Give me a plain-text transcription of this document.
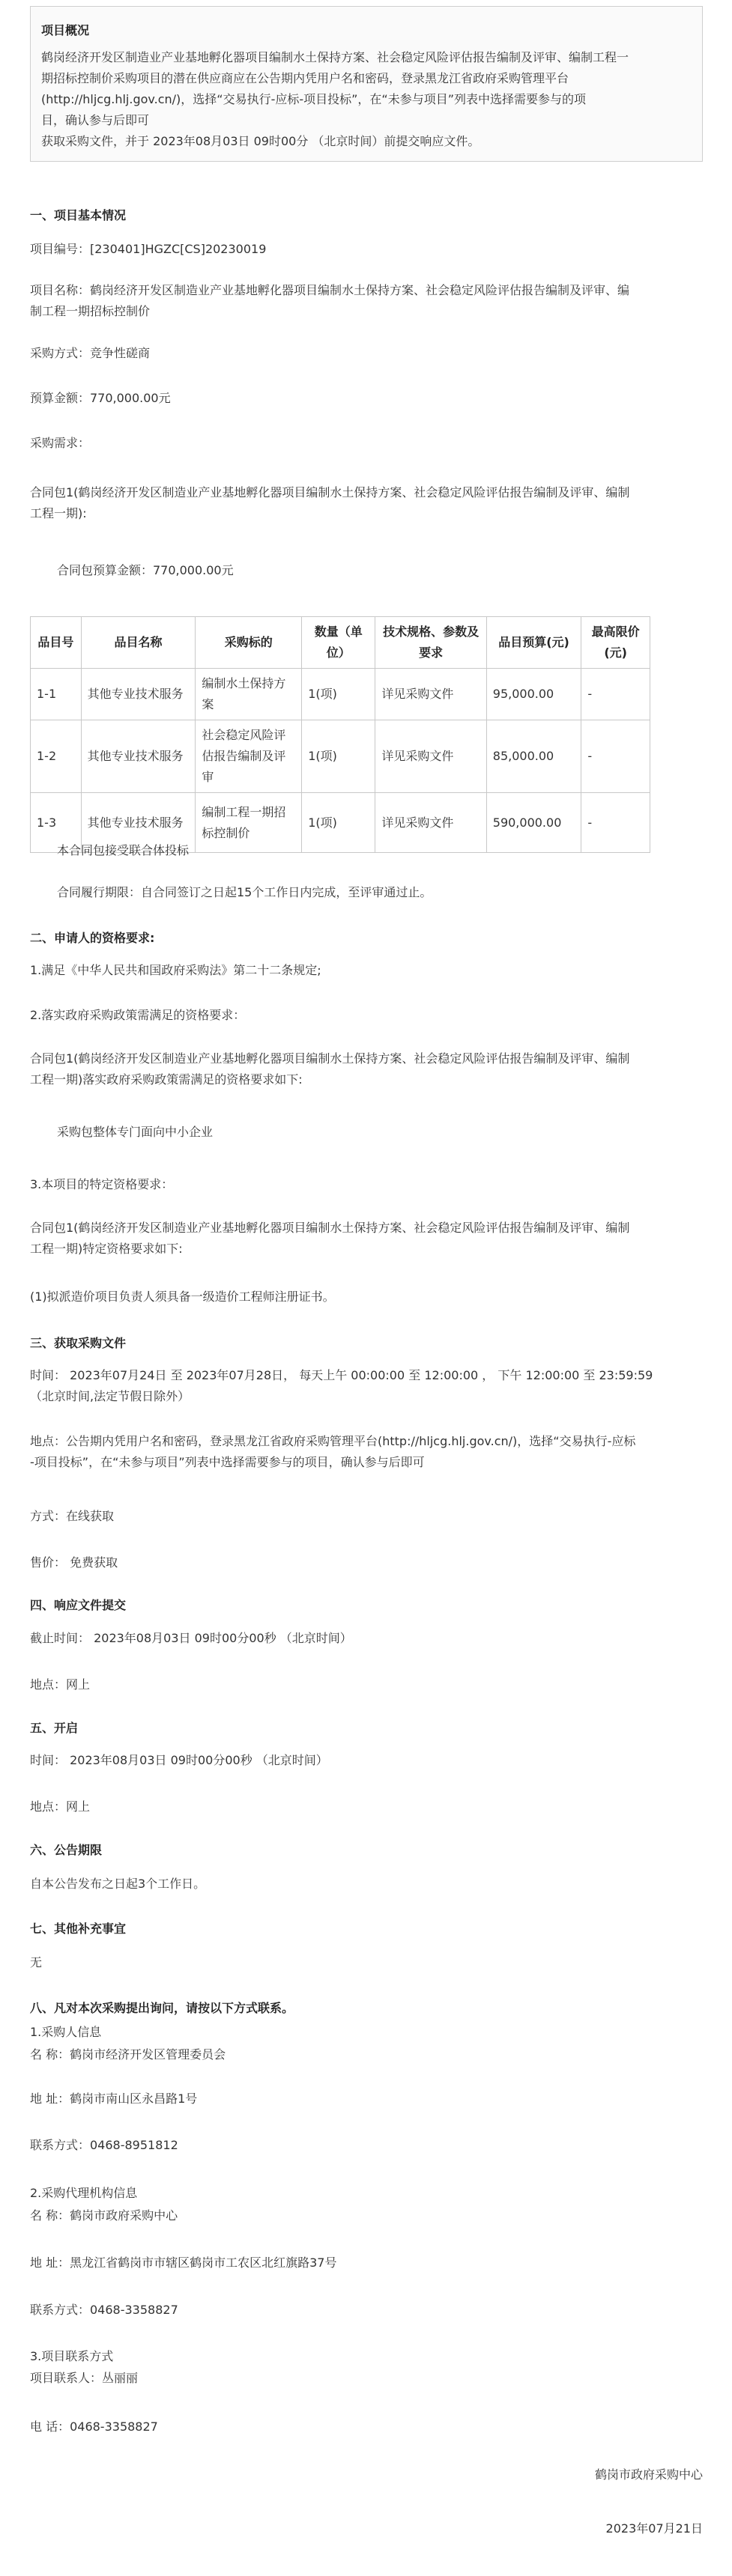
项目概况
鹤岗经济开发区制造业产业基地孵化器项目编制水土保持方案、社会稳定风险评估报告编制及评审、编制工程一
期招标控制价采购项目的潜在供应商应在公告期内凭用户名和密码，登录黑龙江省政府采购管理平台
(http://hljcg.hlj.gov.cn/)，选择“交易执行-应标-项目投标”，在“未参与项目”列表中选择需要参与的项
目，确认参与后即可
获取采购文件，并于 2023年08月03日 09时00分 （北京时间）前提交响应文件。
一、项目基本情况
项目编号：[230401]HGZC[CS]20230019
项目名称：鹤岗经济开发区制造业产业基地孵化器项目编制水土保持方案、社会稳定风险评估报告编制及评审、编
制工程一期招标控制价
采购方式：竞争性磋商
预算金额：770,000.00元
采购需求：
合同包1(鹤岗经济开发区制造业产业基地孵化器项目编制水土保持方案、社会稳定风险评估报告编制及评审、编制
工程一期):
合同包预算金额：770,000.00元
品目号	品目名称	采购标的	数量（单位）	技术规格、参数及要求	品目预算(元)	最高限价(元)
1-1	其他专业技术服务	编制水土保持方案	1(项)	详见采购文件	95,000.00	-
1-2	其他专业技术服务	社会稳定风险评估报告编制及评审	1(项)	详见采购文件	85,000.00	-
1-3	其他专业技术服务	编制工程一期招标控制价	1(项)	详见采购文件	590,000.00	-
本合同包接受联合体投标
合同履行期限：自合同签订之日起15个工作日内完成，至评审通过止。
二、申请人的资格要求:
1.满足《中华人民共和国政府采购法》第二十二条规定;
2.落实政府采购政策需满足的资格要求：
合同包1(鹤岗经济开发区制造业产业基地孵化器项目编制水土保持方案、社会稳定风险评估报告编制及评审、编制
工程一期)落实政府采购政策需满足的资格要求如下:
采购包整体专门面向中小企业
3.本项目的特定资格要求：
合同包1(鹤岗经济开发区制造业产业基地孵化器项目编制水土保持方案、社会稳定风险评估报告编制及评审、编制
工程一期)特定资格要求如下:
(1)拟派造价项目负责人须具备一级造价工程师注册证书。
三、获取采购文件
时间： 2023年07月24日 至 2023年07月28日， 每天上午 00:00:00 至 12:00:00 ， 下午 12:00:00 至 23:59:59
（北京时间,法定节假日除外）
地点：公告期内凭用户名和密码，登录黑龙江省政府采购管理平台(http://hljcg.hlj.gov.cn/)，选择“交易执行-应标
-项目投标”，在“未参与项目”列表中选择需要参与的项目，确认参与后即可
方式：在线获取
售价： 免费获取
四、响应文件提交
截止时间： 2023年08月03日 09时00分00秒 （北京时间）
地点：网上
五、开启
时间： 2023年08月03日 09时00分00秒 （北京时间）
地点：网上
六、公告期限
自本公告发布之日起3个工作日。
七、其他补充事宜
无
八、凡对本次采购提出询问，请按以下方式联系。
1.采购人信息
名 称：鹤岗市经济开发区管理委员会
地 址：鹤岗市南山区永昌路1号
联系方式：0468-8951812
2.采购代理机构信息
名 称：鹤岗市政府采购中心
地 址：黑龙江省鹤岗市市辖区鹤岗市工农区北红旗路37号
联系方式：0468-3358827
3.项目联系方式
项目联系人：丛丽丽
电 话：0468-3358827
鹤岗市政府采购中心
2023年07月21日
